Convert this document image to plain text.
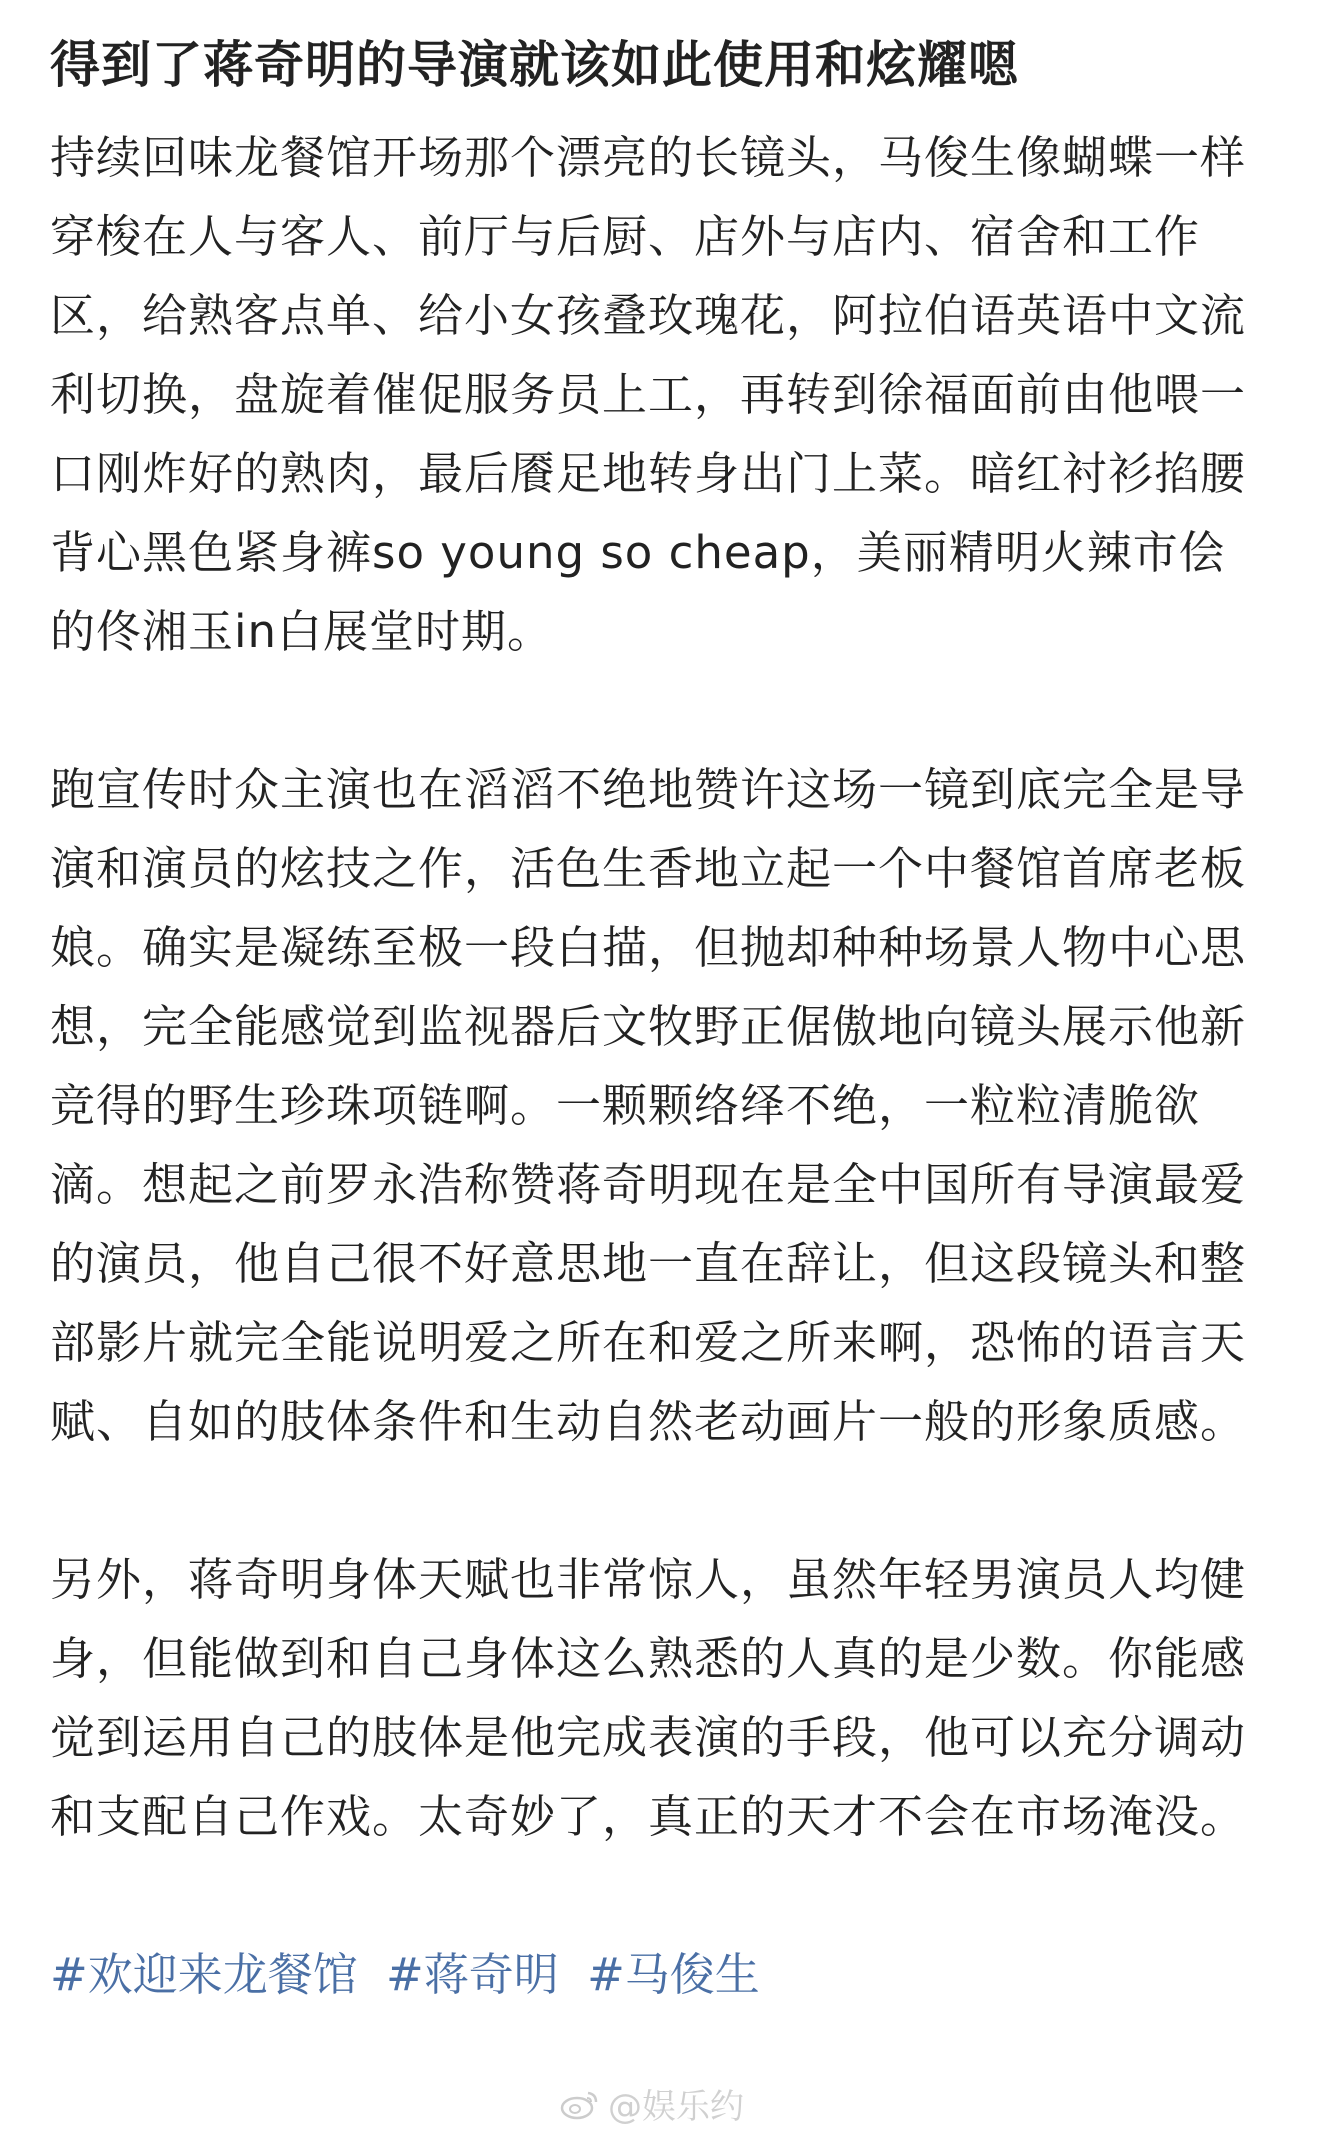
得到了蒋奇明的导演就该如此使用和炫耀嗯
持续回味龙餐馆开场那个漂亮的长镜头，马俊生像蝴蝶一样穿梭在人与客人、前厅与后厨、店外与店内、宿舍和工作区，给熟客点单、给小女孩叠玫瑰花，阿拉伯语英语中文流利切换，盘旋着催促服务员上工，再转到徐福面前由他喂一口刚炸好的熟肉，最后餍足地转身出门上菜。暗红衬衫掐腰背心黑色紧身裤so young so cheap，美丽精明火辣市侩的佟湘玉in白展堂时期。
跑宣传时众主演也在滔滔不绝地赞许这场一镜到底完全是导演和演员的炫技之作，活色生香地立起一个中餐馆首席老板娘。确实是凝练至极一段白描，但抛却种种场景人物中心思想，完全能感觉到监视器后文牧野正倨傲地向镜头展示他新竞得的野生珍珠项链啊。一颗颗络绎不绝，一粒粒清脆欲滴。想起之前罗永浩称赞蒋奇明现在是全中国所有导演最爱的演员，他自己很不好意思地一直在辞让，但这段镜头和整部影片就完全能说明爱之所在和爱之所来啊，恐怖的语言天赋、自如的肢体条件和生动自然老动画片一般的形象质感。
另外，蒋奇明身体天赋也非常惊人，虽然年轻男演员人均健身，但能做到和自己身体这么熟悉的人真的是少数。你能感觉到运用自己的肢体是他完成表演的手段，他可以充分调动和支配自己作戏。太奇妙了，真正的天才不会在市场淹没。
#欢迎来龙餐馆 #蒋奇明 #马俊生
@娱乐约
